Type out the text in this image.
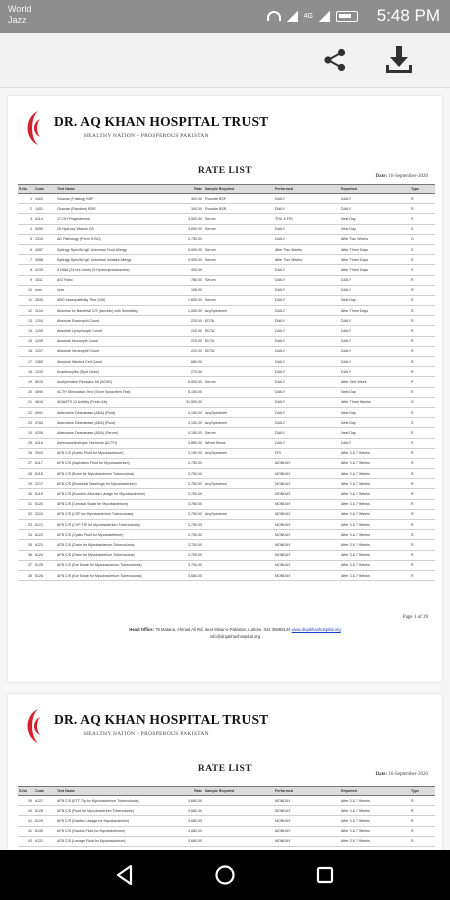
World
Jazz	4G	5:48 PM
DR. AQ KHAN HOSPITAL TRUST
HEALTHY NATION - PROSPEROUS PAKISTAN
RATE LIST
Date: 16-September-2020
S.No	Code	Test Name	Rate	Sample Required	Performed	Reported	Type
1	1402	Glucose (Fasting) BSF	300.00	Flouride BSF	DAILY	DAILY	R
2	1401	Glucose (Random) BSR	300.00	Flouride BSR	DAILY	DAILY	R
3	4114	17-OH Progesterone	3,500.00	Serum	THU & FRI	Next Day	S
4	5050	25 Hydroxy Vitamin D3	3,650.00	Serum	DAILY	Next Day	S
5	2310	AD Pathology (Perm H.BO)	2,750.00		DAILY	After Two Weeks	O
6	4087	Syllergy Specific IgE Universal Food Allergy	9,900.00	Serum	After Two Weeks	After Three Days	S
7	4088	Syllergy Specific IgE Universal Inhalant Allergy	9,900.00	Serum	After Two Weeks	After Three Days	S
8	4133	5 HIAA (24 hrs Urine) (5 Hydroxyindoleacetic)	400.00		DAILY	After Three Days	S
9	1511	A/G Ratio	780.00	Serum	DAILY	DAILY	R
10	xxxx	xxxx	195.00		DAILY	DAILY	R
11	2830	ABO Incompatibility Titre (IVA)	1,650.00	Serum	DAILY	Next Day	S
12	1104	Abscess for Bacterial C/S (Aerobic) with Sensitivity	1,550.00	AnySpecimen	DAILY	After Three Days	R
13	1204	Absolute Eosinophil Count	220.00	EDTA	DAILY	DAILY	R
14	1205	Absolute Lymphocyte Count	220.00	EDTA	DAILY	DAILY	R
15	1206	Absolute Monocyte Count	220.00	EDTA	DAILY	DAILY	R
16	1207	Absolute Neutrophil Count	220.00	EDTA	DAILY	DAILY	R
17	1360	Absolute Weotrul Cell Count	680.00		DAILY	DAILY	R
18	1233	Acanthocytes (Spot Urine)	270.00		DAILY	DAILY	R
19	5015	Acetylcholine Receptor Ab (AChR)	8,500.00	Serum	DAILY	After One Week	P
20	4090	ACTH Stimulation Test (Short Synacthen Test)	5,150.00		DAILY	Next Day	S
21	4616	ADAMTS 13 Activity (Fresh Ab)	31,500.00		DAILY	After Three Weeks	O
22	4091	Adenosine Deaminase (ADA) (Fluid)	4,150.00	AnySpecimen	DAILY	Next Day	S
23	4784	Adenosine Deaminase (ADA) (Fluid)	4,150.00	AnySpecimen	DAILY	Next Day	S
24	4206	Adenosine Deaminase (ADA) (Serum)	4,150.00	Serum	DAILY	Next Day	S
25	4116	Adrenocorticotropic Hormone (ACTH)	3,850.00	Whole Blood	DAILY	DAILY	S
26	2003	AFB C/S (Acetic Fluid for Mycobacterium)	3,150.00	AnySpecimen	FRI	After 3 & 7 Weeks	R
27	6117	AFB C/S (Aspiration Fluid for Mycobacterium)	3,750.00		MONDAY	After 3 & 7 Weeks	R
28	6118	AFB C/S (Bone for Mycobacterium Tuberculosis)	3,750.00		MONDAY	After 3 & 7 Weeks	R
29	2217	AFB C/S (Bronchial Washings for Mycobacterium)	3,750.00	AnySpecimen	MONDAY	After 3 & 7 Weeks	R
30	6119	AFB C/S (Broncho Alveolar Lavage for Mycobacterium)	3,750.00		MONDAY	After 3 & 7 Weeks	R
31	6120	AFB C/S (Cervical Swab for Mycobacterium)	3,750.00		MONDAY	After 3 & 7 Weeks	R
32	2224	AFB C/S (CSF for Mycobacterium Tuberculosis)	3,750.00	AnySpecimen	MONDAY	After 3 & 7 Weeks	R
33	6121	AFB C/S (CVP TIP for Mycobacterium Tuberculosis)	3,750.00		MONDAY	After 3 & 7 Weeks	R
34	6122	AFB C/S (Cystic Fluid for Mycobacterium)	3,750.00		MONDAY	After 3 & 7 Weeks	R
35	6123	AFB C/S (Drain for Mycobacterium Tuberculosis)	3,750.00		MONDAY	After 3 & 7 Weeks	R
36	6124	AFB C/S (Drain for Mycobacterium Tuberculosis)	3,750.00		MONDAY	After 3 & 7 Weeks	R
37	6125	AFB C/S (Ear Swab for Mycobacterium Tuberculosis)	3,750.00		MONDAY	After 3 & 7 Weeks	R
38	6126	AFB C/S (Ear Swab for Mycobacterium Tuberculosis)	3,680.00		MONDAY	After 3 & 7 Weeks	R
Page 1 of 39
Head Office: 78 Matana, Ahmad Ali Rd, near Minar-e-Pakistan, Lahore. 042 35880144 www.drqakhanhospital.org
info@drqakhanhospital.org
DR. AQ KHAN HOSPITAL TRUST
HEALTHY NATION - PROSPEROUS PAKISTAN
RATE LIST
Date: 16-September-2020
S.No	Code	Test Name	Rate	Sample Required	Performed	Reported	Type
39	6127	AFB C/S (ETT Tip for Mycobacterium Tuberculosis)	3,680.00		MONDAY	After 3 & 7 Weeks	R
40	6128	AFB C/S (Fluid for Mycobacterium Tuberculosis)	3,680.00		MONDAY	After 3 & 7 Weeks	R
41	6129	AFB C/S (Gastric Lavage for Mycobacterium)	3,680.00		MONDAY	After 3 & 7 Weeks	R
42	6130	AFB C/S (Gastric Fluid for Mycobacterium)	3,680.00		MONDAY	After 3 & 7 Weeks	R
43	6131	AFB C/S (Lavage Fluid for Mycobacterium)	3,680.00		MONDAY	After 3 & 7 Weeks	R
